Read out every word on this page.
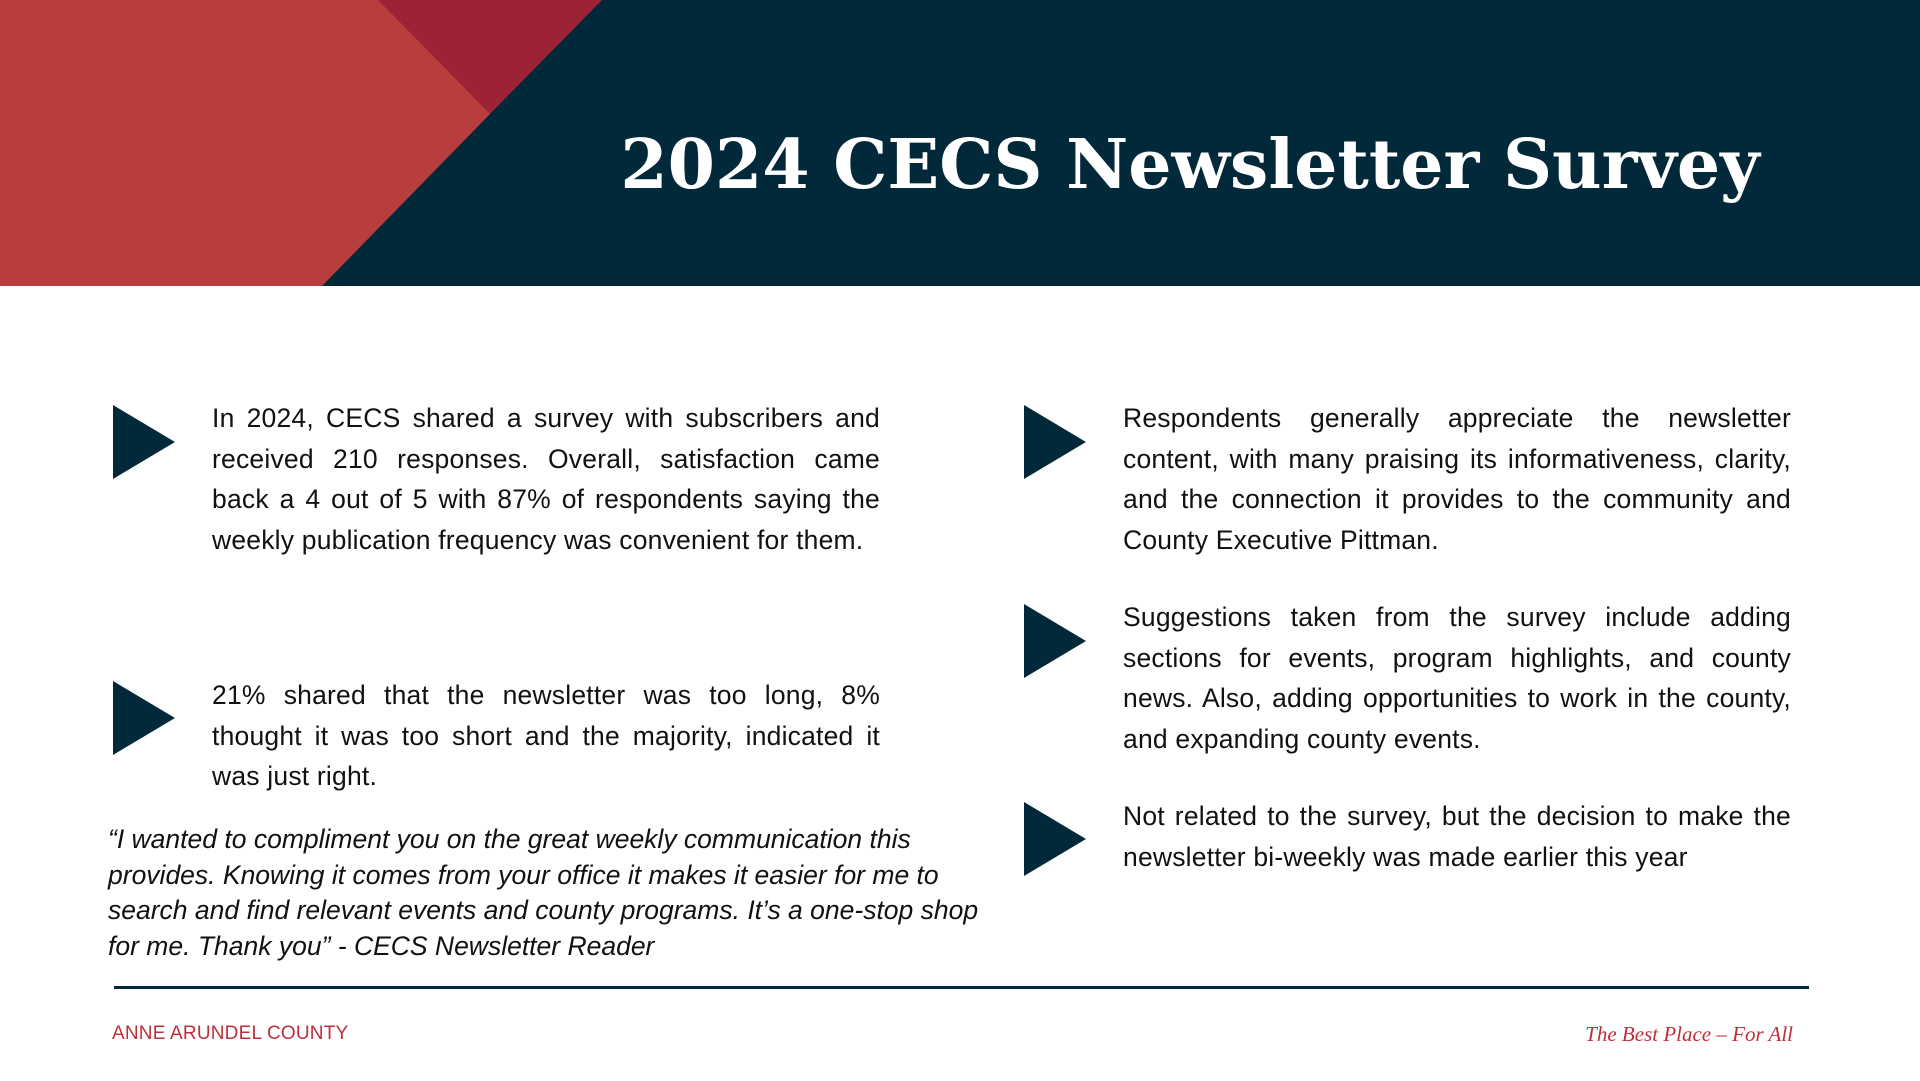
2024 CECS Newsletter Survey
In 2024, CECS shared a survey with subscribers and received 210 responses. Overall, satisfaction came back a 4 out of 5 with 87% of respondents saying the weekly publication frequency was convenient for them.
21% shared that the newsletter was too long, 8% thought it was too short and the majority, indicated it was just right.
“I wanted to compliment you on the great weekly communication this provides. Knowing it comes from your office it makes it easier for me to search and find relevant events and county programs. It’s a one-stop shop for me. Thank you” - CECS Newsletter Reader
Respondents generally appreciate the newsletter content, with many praising its informativeness, clarity, and the connection it provides to the community and County Executive Pittman.
Suggestions taken from the survey include adding sections for events, program highlights, and county news. Also, adding opportunities to work in the county, and expanding county events.
Not related to the survey, but the decision to make the newsletter bi-weekly was made earlier this year
ANNE ARUNDEL COUNTY	The Best Place – For All
